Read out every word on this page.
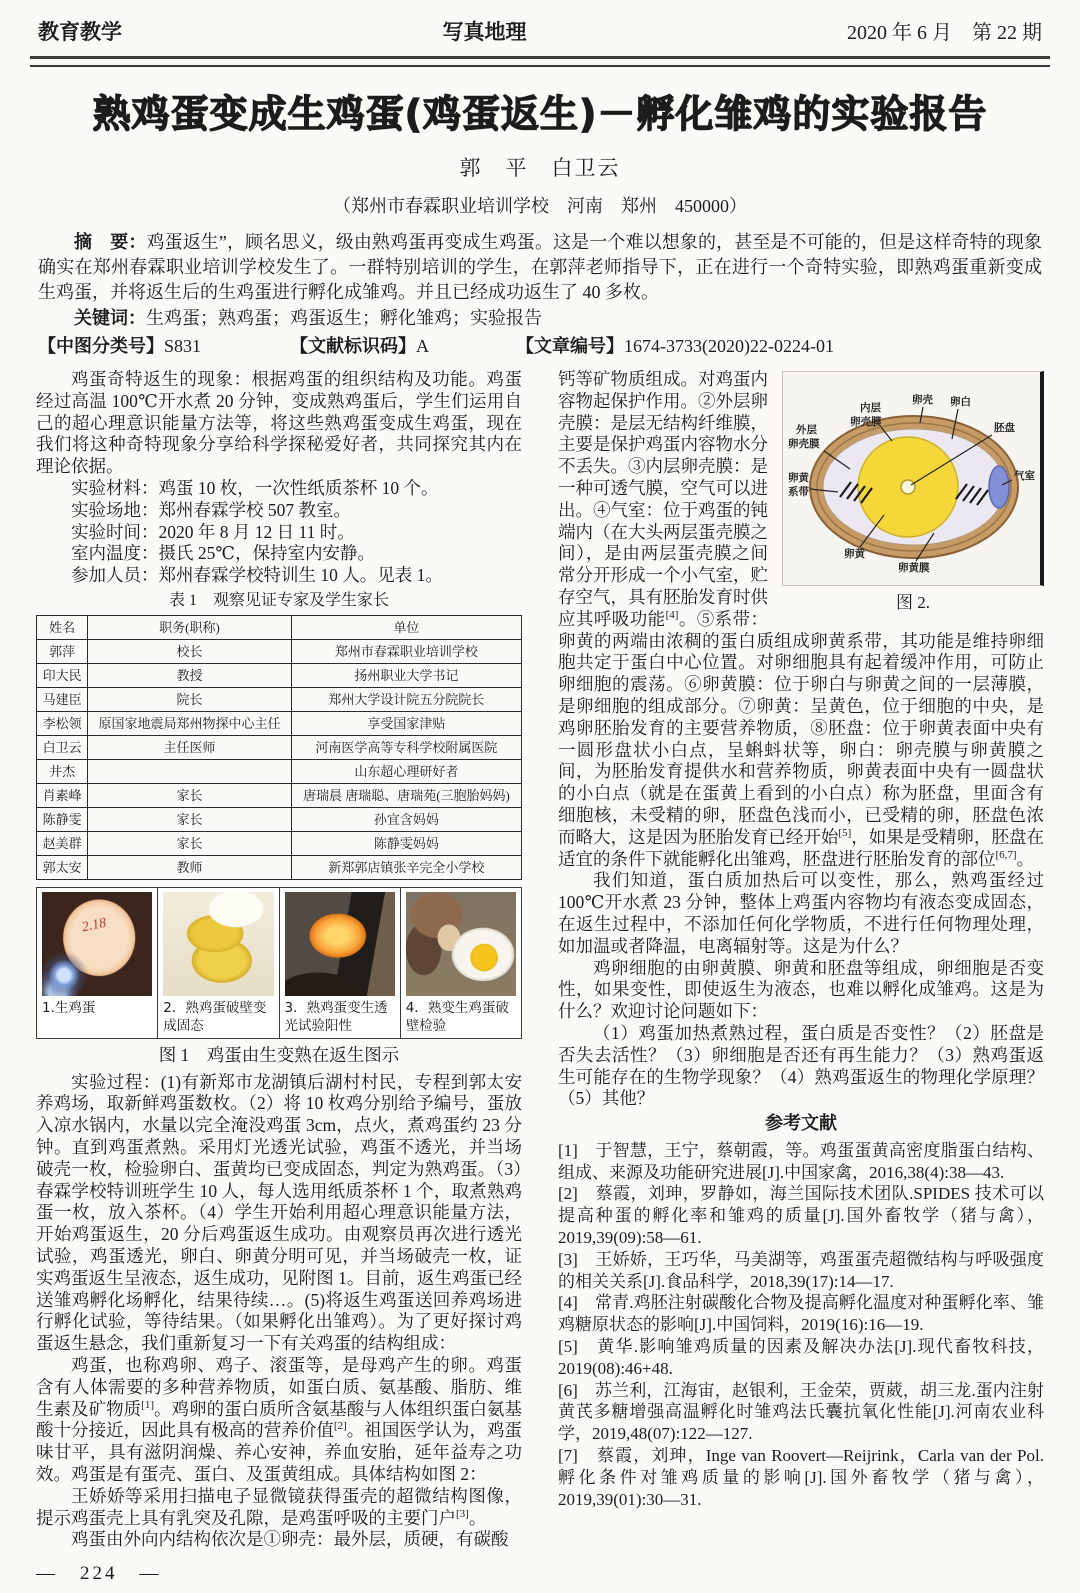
教育教学	写真地理	2020 年 6 月　第 22 期
熟鸡蛋变成生鸡蛋(鸡蛋返生)－孵化雏鸡的实验报告
郭　平　白卫云
（郑州市春霖职业培训学校　河南　郑州　450000）

摘　要：鸡蛋返生”，顾名思义，级由熟鸡蛋再变成生鸡蛋。这是一个难以想象的，甚至是不可能的，但是这样奇特的现象确实在郑州春霖职业培训学校发生了。一群特别培训的学生，在郭萍老师指导下，正在进行一个奇特实验，即熟鸡蛋重新变成生鸡蛋，并将返生后的生鸡蛋进行孵化成雏鸡。并且已经成功返生了 40 多枚。

关键词：生鸡蛋；熟鸡蛋；鸡蛋返生；孵化雏鸡；实验报告

【中图分类号】S831	【文献标识码】A	【文章编号】1674-3733(2020)22-0224-01

鸡蛋奇特返生的现象：根据鸡蛋的组织结构及功能。鸡蛋经过高温 100℃开水煮 20 分钟，变成熟鸡蛋后，学生们运用自己的超心理意识能量方法等，将这些熟鸡蛋变成生鸡蛋，现在我们将这种奇特现象分享给科学探秘爱好者，共同探究其内在理论依据。

实验材料：鸡蛋 10 枚，一次性纸质茶杯 10 个。

实验场地：郑州春霖学校 507 教室。

实验时间：2020 年 8 月 12 日 11 时。

室内温度：摄氏 25℃，保持室内安静。

参加人员：郑州春霖学校特训生 10 人。见表 1。

表 1　观察见证专家及学生家长
姓名	职务(职称)	单位
郭萍	校长	郑州市春霖职业培训学校
印大民	教授	扬州职业大学书记
马建臣	院长	郑州大学设计院五分院院长
李松领	原国家地震局郑州物探中心主任	享受国家津贴
白卫云	主任医师	河南医学高等专科学校附属医院
井杰		山东超心理研好者
肖素峰	家长	唐瑞晨 唐瑞聪、唐瑞苑(三胞胎妈妈)
陈静雯	家长	孙宜含妈妈
赵美群	家长	陈静雯妈妈
郭太安	教师	新郑郭店镇张辛完全小学校
2.18
1.生鸡蛋	2．熟鸡蛋破壁变成固态
3．熟鸡蛋变生透光试验阳性
4．熟变生鸡蛋破壁检验
图 1　鸡蛋由生变熟在返生图示

实验过程：(1)有新郑市龙湖镇后湖村村民，专程到郭太安养鸡场，取新鲜鸡蛋数枚。（2）将 10 枚鸡分别给予编号，蛋放入凉水锅内，水量以完全淹没鸡蛋 3cm，点火，煮鸡蛋约 23 分钟。直到鸡蛋煮熟。采用灯光透光试验，鸡蛋不透光，并当场破壳一枚，检验卵白、蛋黄均已变成固态，判定为熟鸡蛋。（3）春霖学校特训班学生 10 人，每人选用纸质茶杯 1 个，取煮熟鸡蛋一枚，放入茶杯。（4）学生开始利用超心理意识能量方法，开始鸡蛋返生，20 分后鸡蛋返生成功。由观察员再次进行透光试验，鸡蛋透光，卵白、卵黄分明可见，并当场破壳一枚，证实鸡蛋返生呈液态，返生成功，见附图 1。目前，返生鸡蛋已经送雏鸡孵化场孵化，结果待续…。(5)将返生鸡蛋送回养鸡场进行孵化试验，等待结果。（如果孵化出雏鸡）。为了更好探讨鸡蛋返生悬念，我们重新复习一下有关鸡蛋的结构组成：

鸡蛋，也称鸡卵、鸡子、滚蛋等，是母鸡产生的卵。鸡蛋含有人体需要的多种营养物质，如蛋白质、氨基酸、脂肪、维生素及矿物质[1]。鸡卵的蛋白质所含氨基酸与人体组织蛋白氨基酸十分接近，因此具有极高的营养价值[2]。祖国医学认为，鸡蛋味甘平，具有滋阴润燥、养心安神，养血安胎，延年益寿之功效。鸡蛋是有蛋壳、蛋白、及蛋黄组成。具体结构如图 2：

王娇娇等采用扫描电子显微镜获得蛋壳的超微结构图像，提示鸡蛋壳上具有乳突及孔隙，是鸡蛋呼吸的主要门户[3]。

鸡蛋由外向内结构依次是①卵壳：最外层，质硬，有碳酸

—　224　—

外层
卵壳膜
内层
卵壳膜
卵壳 卵白
胚盘
气室
卵黄
系带
卵黄
卵黄膜
图 2.
钙等矿物质组成。对鸡蛋内容物起保护作用。②外层卵壳膜：是层无结构纤维膜，主要是保护鸡蛋内容物水分不丢失。③内层卵壳膜：是一种可透气膜，空气可以进出。④气室：位于鸡蛋的钝端内（在大头两层蛋壳膜之间），是由两层蛋壳膜之间常分开形成一个小气室，贮存空气，具有胚胎发育时供应其呼吸功能[4]。⑤系带：卵黄的两端由浓稠的蛋白质组成卵黄系带，其功能是维持卵细胞共定于蛋白中心位置。对卵细胞具有起着缓冲作用，可防止卵细胞的震荡。⑥卵黄膜：位于卵白与卵黄之间的一层薄膜，是卵细胞的组成部分。⑦卵黄：呈黄色，位于细胞的中央，是鸡卵胚胎发育的主要营养物质，⑧胚盘：位于卵黄表面中央有一圆形盘状小白点，呈蝌蚪状等，卵白：卵壳膜与卵黄膜之间，为胚胎发育提供水和营养物质，卵黄表面中央有一圆盘状的小白点（就是在蛋黄上看到的小白点）称为胚盘，里面含有细胞核，未受精的卵，胚盘色浅而小，已受精的卵，胚盘色浓而略大，这是因为胚胎发育已经开始[5]，如果是受精卵，胚盘在适宜的条件下就能孵化出雏鸡，胚盘进行胚胎发育的部位[6,7]。

我们知道，蛋白质加热后可以变性，那么，熟鸡蛋经过 100℃开水煮 23 分钟，整体上鸡蛋内容物均有液态变成固态，在返生过程中，不添加任何化学物质，不进行任何物理处理，如加温或者降温，电离辐射等。这是为什么？

鸡卵细胞的由卵黄膜、卵黄和胚盘等组成，卵细胞是否变性，如果变性，即使返生为液态，也难以孵化成雏鸡。这是为什么？欢迎讨论问题如下：

（1）鸡蛋加热煮熟过程，蛋白质是否变性？（2）胚盘是否失去活性？（3）卵细胞是否还有再生能力？（3）熟鸡蛋返生可能存在的生物学现象？（4）熟鸡蛋返生的物理化学原理？（5）其他？

参考文献

[1]　于智慧，王宁，蔡朝霞，等。鸡蛋蛋黄高密度脂蛋白结构、组成、来源及功能研究进展[J].中国家禽，2016,38(4):38—43.

[2]　蔡霞，刘珅，罗静如，海兰国际技术团队.SPIDES 技术可以提高种蛋的孵化率和雏鸡的质量[J].国外畜牧学（猪与禽），2019,39(09):58—61.

[3]　王娇娇，王巧华，马美湖等，鸡蛋蛋壳超微结构与呼吸强度的相关关系[J].食品科学，2018,39(17):14—17.

[4]　常青.鸡胚注射碳酸化合物及提高孵化温度对种蛋孵化率、雏鸡糖原状态的影响[J].中国饲料，2019(16):16—19.

[5]　黄华.影响雏鸡质量的因素及解决办法[J].现代畜牧科技，2019(08):46+48.

[6]　苏兰利，江海宙，赵银利，王金荣，贾葳，胡三龙.蛋内注射黄芪多糖增强高温孵化时雏鸡法氏囊抗氧化性能[J].河南农业科学，2019,48(07):122—127.

[7]　蔡霞，刘珅，Inge van Roovert—Reijrink，Carla van der Pol.孵化条件对雏鸡质量的影响[J].国外畜牧学（猪与禽），2019,39(01):30—31.
